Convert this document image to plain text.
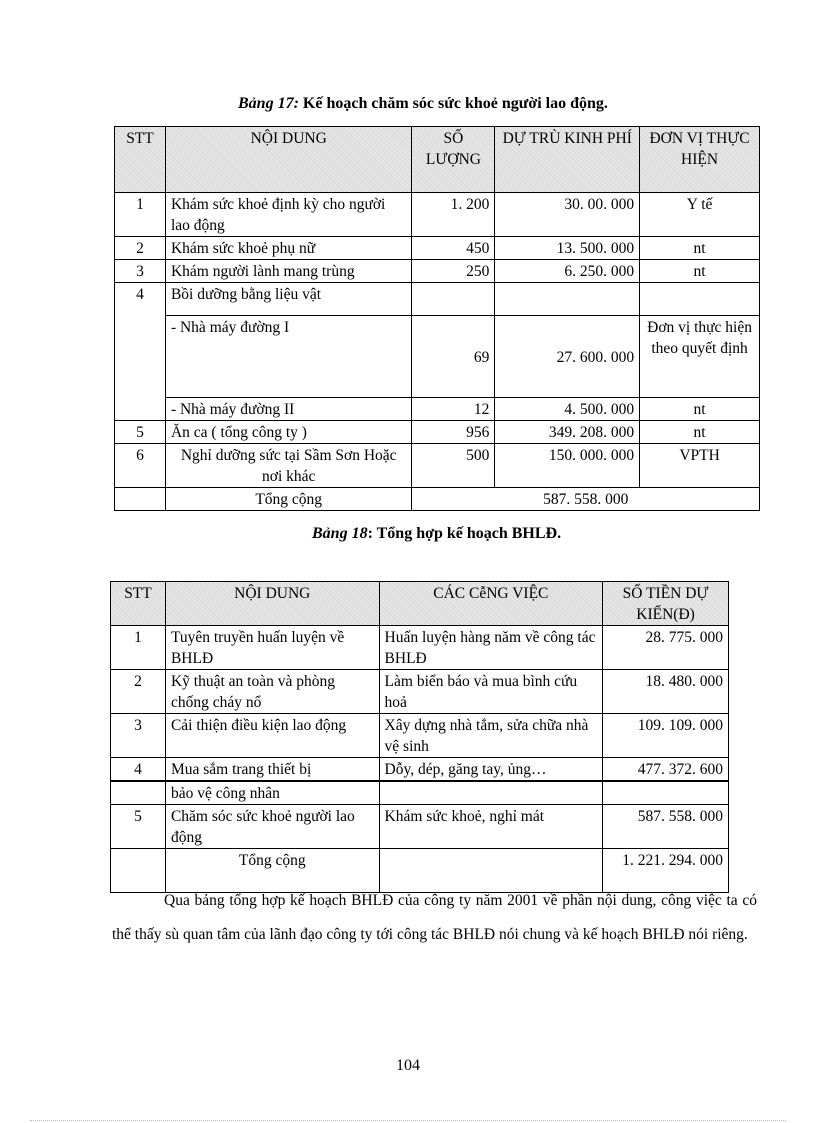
Bảng 17: Kế hoạch chăm sóc sức khoẻ người lao động.
STT	NỘI DUNG	SỐ LƯỢNG	DỰ TRÙ KINH PHÍ	ĐƠN VỊ THỰC HIỆN
1	Khám sức khoẻ định kỳ cho người lao động	1. 200	30. 00. 000	Y tế
2	Khám sức khoẻ phụ nữ	450	13. 500. 000	nt
3	Khám người lành mang trùng	250	6. 250. 000	nt
4	Bồi dưỡng bằng liệu vật			
	- Nhà máy đường I	69	27. 600. 000	Đơn vị thực hiện theo quyết định
	- Nhà máy đường II	12	4. 500. 000	nt
5	Ăn ca ( tổng công ty )	956	349. 208. 000	nt
6	Nghỉ dưỡng sức tại Sầm Sơn Hoặc nơi khác	500	150. 000. 000	VPTH
	Tổng cộng	587. 558. 000		
Bảng 18: Tổng hợp kế hoạch BHLĐ.
STT	NỘI DUNG	CÁC CễNG VIỆC	SỐ TIỀN DỰ KIẾN(Đ)
1	Tuyên truyền huấn luyện về BHLĐ	Huấn luyện hàng năm về công tác BHLĐ	28. 775. 000
2	Kỹ thuật an toàn và phòng chống cháy nổ	Làm biển báo và mua bình cứu hoả	18. 480. 000
3	Cải thiện điều kiện lao động	Xây dựng nhà tắm, sửa chữa nhà vệ sinh	109. 109. 000
4	Mua sắm trang thiết bị	Dỗy, dép, găng tay, ủng…	477. 372. 600
	bảo vệ công nhân		
5	Chăm sóc sức khoẻ người lao động	Khám sức khoẻ, nghỉ mát	587. 558. 000
	Tổng cộng		1. 221. 294. 000
Qua bảng tổng hợp kế hoạch BHLĐ của công ty năm 2001 về phần nội dung, công việc ta có thể thấy sù quan tâm của lãnh đạo công ty tới công tác BHLĐ nói chung và kế hoạch BHLĐ nói riêng.
104
